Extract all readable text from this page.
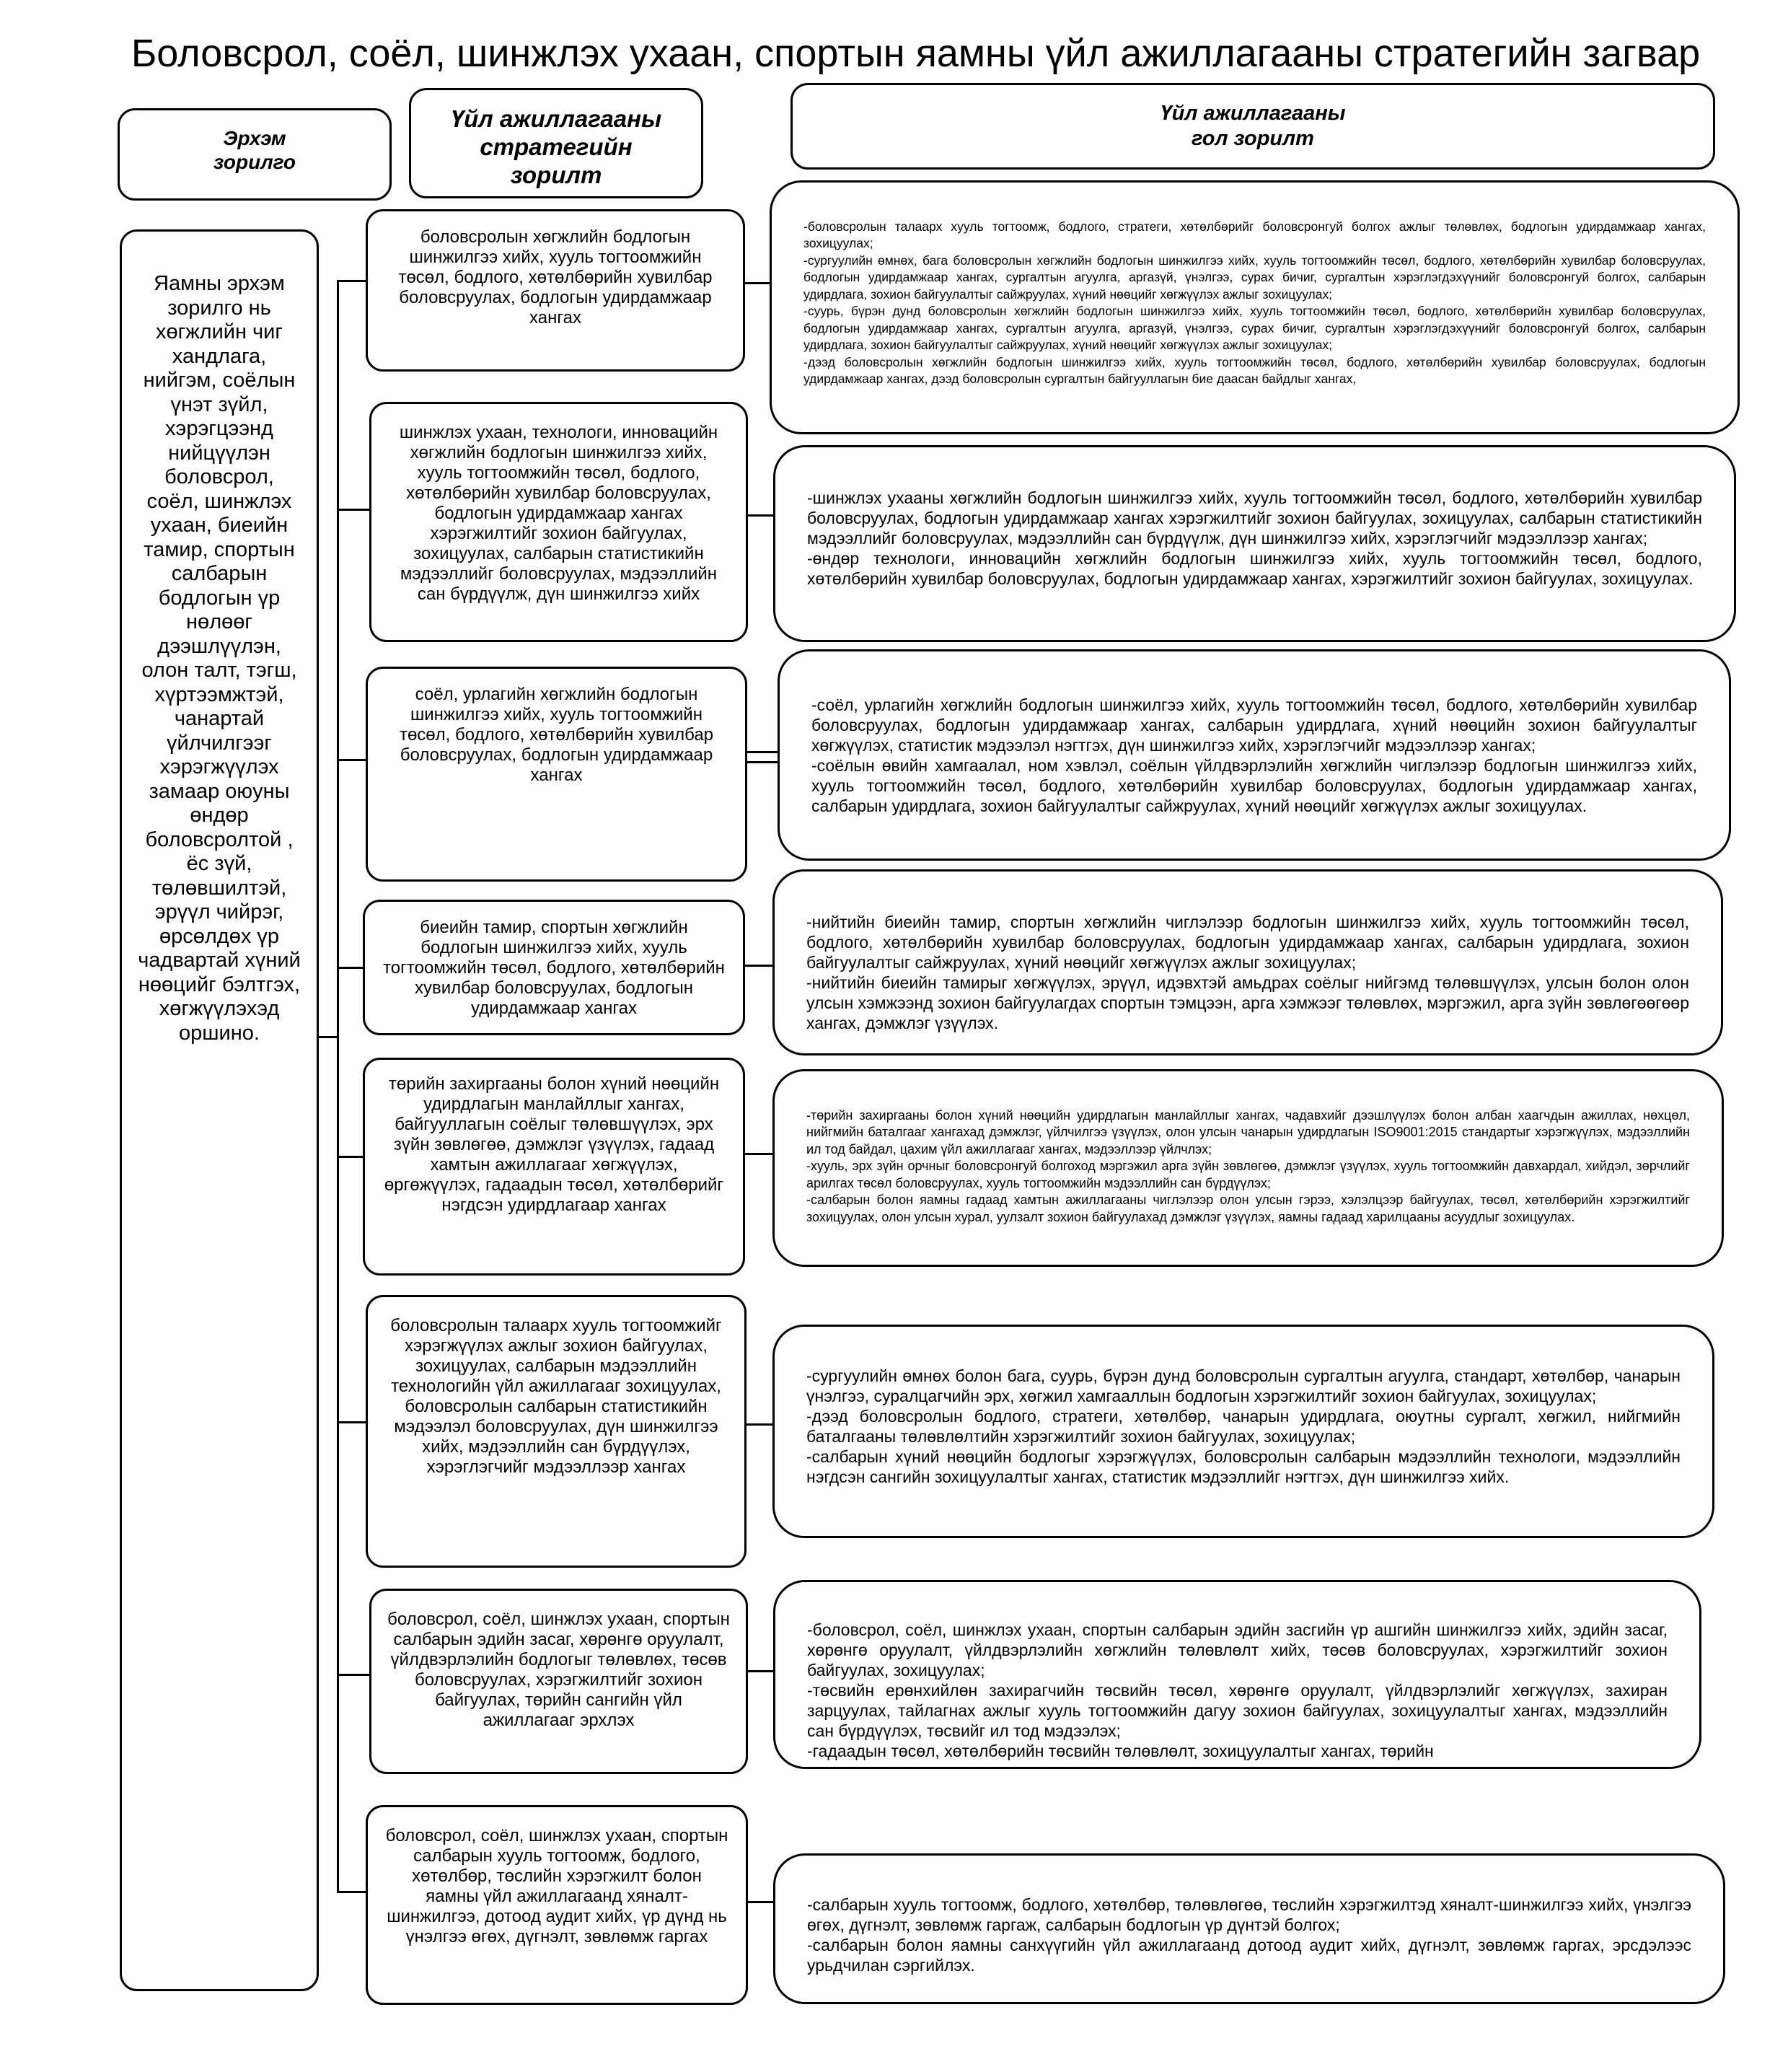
Боловсрол, соёл, шинжлэх ухаан, спортын яамны үйл ажиллагааны стратегийн загвар
Эрхэм
зорилго
Үйл ажиллагааны
стратегийн
зорилт
Үйл ажиллагааны
гол зорилт
Яамны эрхэм зорилго нь хөгжлийн чиг хандлага, нийгэм, соёлын үнэт зүйл, хэрэгцээнд нийцүүлэн боловсрол, соёл, шинжлэх ухаан, биеийн тамир, спортын салбарын бодлогын үр нөлөөг дээшлүүлэн, олон талт, тэгш, хүртээмжтэй, чанартай үйлчилгээг хэрэгжүүлэх замаар оюуны өндөр боловсролтой , ёс зүй, төлөвшилтэй, эрүүл чийрэг, өрсөлдөх үр чадвартай хүний нөөцийг бэлтгэх, хөгжүүлэхэд оршино.
боловсролын хөгжлийн бодлогын шинжилгээ хийх, хууль тогтоомжийн төсөл, бодлого, хөтөлбөрийн хувилбар боловсруулах, бодлогын удирдамжаар хангах

-боловсролын талаарх хууль тогтоомж, бодлого, стратеги, хөтөлбөрийг боловсронгуй болгох ажлыг төлөвлөх, бодлогын удирдамжаар хангах, зохицуулах;
-сургуулийн өмнөх, бага боловсролын хөгжлийн бодлогын шинжилгээ хийх, хууль тогтоомжийн төсөл, бодлого, хөтөлбөрийн хувилбар боловсруулах, бодлогын удирдамжаар хангах, сургалтын агуулга, аргазүй, үнэлгээ, сурах бичиг, сургалтын хэрэглэгдэхүүнийг боловсронгуй болгох, салбарын удирдлага, зохион байгуулалтыг сайжруулах, хүний нөөцийг хөгжүүлэх ажлыг зохицуулах;
-суурь, бүрэн дунд боловсролын хөгжлийн бодлогын шинжилгээ хийх, хууль тогтоомжийн төсөл, бодлого, хөтөлбөрийн хувилбар боловсруулах, бодлогын удирдамжаар хангах, сургалтын агуулга, аргазүй, үнэлгээ, сурах бичиг, сургалтын хэрэглэгдэхүүнийг боловсронгуй болгох, салбарын удирдлага, зохион байгуулалтыг сайжруулах, хүний нөөцийг хөгжүүлэх ажлыг зохицуулах;
-дээд боловсролын хөгжлийн бодлогын шинжилгээ хийх, хууль тогтоомжийн төсөл, бодлого, хөтөлбөрийн хувилбар боловсруулах, бодлогын удирдамжаар хангах, дээд боловсролын сургалтын байгууллагын бие даасан байдлыг хангах,

шинжлэх ухаан, технологи, инновацийн хөгжлийн бодлогын шинжилгээ хийх, хууль тогтоомжийн төсөл, бодлого, хөтөлбөрийн хувилбар боловсруулах, бодлогын удирдамжаар хангаx хэрэгжилтийг зохион байгуулах, зохицуулах, салбарын статистикийн мэдээллийг боловсруулах, мэдээллийн сан бүрдүүлж, дүн шинжилгээ хийх

-шинжлэх ухааны хөгжлийн бодлогын шинжилгээ хийх, хууль тогтоомжийн төсөл, бодлого, хөтөлбөрийн хувилбар боловсруулах, бодлогын удирдамжаар хангаx хэрэгжилтийг зохион байгуулах, зохицуулах, салбарын статистикийн мэдээллийг боловсруулах, мэдээллийн сан бүрдүүлж, дүн шинжилгээ хийх, хэрэглэгчийг мэдээллээр хангах;
-өндөр технологи, инновацийн хөгжлийн бодлогын шинжилгээ хийх, хууль тогтоомжийн төсөл, бодлого, хөтөлбөрийн хувилбар боловсруулах, бодлогын удирдамжаар хангаx, хэрэгжилтийг зохион байгуулах, зохицуулах.

соёл, урлагийн хөгжлийн бодлогын шинжилгээ хийх, хууль тогтоомжийн төсөл, бодлого, хөтөлбөрийн хувилбар боловсруулах, бодлогын удирдамжаар хангах

-соёл, урлагийн хөгжлийн бодлогын шинжилгээ хийх, хууль тогтоомжийн төсөл, бодлого, хөтөлбөрийн хувилбар боловсруулах, бодлогын удирдамжаар хангах, салбарын удирдлага, хүний нөөцийн зохион байгуулалтыг хөгжүүлэх, статистик мэдээлэл нэгтгэх, дүн шинжилгээ хийх, хэрэглэгчийг мэдээллээр хангах;
-соёлын өвийн хамгаалал, ном хэвлэл, соёлын үйлдвэрлэлийн хөгжлийн чиглэлээр бодлогын шинжилгээ хийх, хууль тогтоомжийн төсөл, бодлого, хөтөлбөрийн хувилбар боловсруулах, бодлогын удирдамжаар хангах, салбарын удирдлага, зохион байгуулалтыг сайжруулах, хүний нөөцийг хөгжүүлэх ажлыг зохицуулах.

биеийн тамир, спортын хөгжлийн бодлогын шинжилгээ хийх, хууль тогтоомжийн төсөл, бодлого, хөтөлбөрийн хувилбар боловсруулах, бодлогын удирдамжаар хангах

-нийтийн биеийн тамир, спортын хөгжлийн чиглэлээр бодлогын шинжилгээ хийх, хууль тогтоомжийн төсөл, бодлого, хөтөлбөрийн хувилбар боловсруулах, бодлогын удирдамжаар хангах, салбарын удирдлага, зохион байгуулалтыг сайжруулах, хүний нөөцийг хөгжүүлэх ажлыг зохицуулах;
-нийтийн биеийн тамирыг хөгжүүлэх, эрүүл, идэвхтэй амьдрах соёлыг нийгэмд төлөвшүүлэх, улсын болон олон улсын хэмжээнд зохион байгуулагдах спортын тэмцээн, арга хэмжээг төлөвлөх, мэргэжил, арга зүйн зөвлөгөөгөөр хангах, дэмжлэг үзүүлэх.

төрийн захиргааны болон хүний нөөцийн удирдлагын манлайллыг хангах, байгууллагын соёлыг төлөвшүүлэх, эрх зүйн зөвлөгөө, дэмжлэг үзүүлэх, гадаад хамтын ажиллагааг хөгжүүлэх, өргөжүүлэх, гадаадын төсөл, хөтөлбөрийг нэгдсэн удирдлагаар хангах

-төрийн захиргааны болон хүний нөөцийн удирдлагын манлайллыг хангах, чадавхийг дээшлүүлэх болон албан хаагчдын ажиллах, нөхцөл, нийгмийн баталгааг хангахад дэмжлэг, үйлчилгээ үзүүлэх, олон улсын чанарын удирдлагын ISO9001:2015 стандартыг хэрэгжүүлэх, мэдээллийн ил тод байдал, цахим үйл ажиллагааг хангах, мэдээллээр үйлчлэх;
-хууль, эрх зүйн орчныг боловсронгуй болгоход мэргэжил арга зүйн зөвлөгөө, дэмжлэг үзүүлэх, хууль тогтоомжийн давхардал, хийдэл, зөрчлийг арилгах төсөл боловсруулах, хууль тогтоомжийн мэдээллийн сан бүрдүүлэх;
-салбарын болон яамны гадаад хамтын ажиллагааны чиглэлээр олон улсын гэрээ, хэлэлцээр байгуулах, төсөл, хөтөлбөрийн хэрэгжилтийг зохицуулах, олон улсын хурал, уулзалт зохион байгуулахад дэмжлэг үзүүлэх, яамны гадаад харилцааны асуудлыг зохицуулах.

боловсролын талаарх хууль тогтоомжийг хэрэгжүүлэх ажлыг зохион байгуулах, зохицуулах, салбарын мэдээллийн технологийн үйл ажиллагааг зохицуулах, боловсролын салбарын статистикийн мэдээлэл боловсруулах, дүн шинжилгээ хийх, мэдээллийн сан бүрдүүлэх, хэрэглэгчийг мэдээллээр хангах

-сургуулийн өмнөх болон бага, суурь, бүрэн дунд боловсролын сургалтын агуулга, стандарт, хөтөлбөр, чанарын үнэлгээ, суралцагчийн эрх, хөгжил хамгааллын бодлогын хэрэгжилтийг зохион байгуулах, зохицуулах;
-дээд боловсролын бодлого, стратеги, хөтөлбөр, чанарын удирдлага, оюутны сургалт, хөгжил, нийгмийн баталгааны төлөвлөлтийн хэрэгжилтийг зохион байгуулах, зохицуулах;
-салбарын хүний нөөцийн бодлогыг хэрэгжүүлэх, боловсролын салбарын мэдээллийн технологи, мэдээллийн нэгдсэн сангийн зохицуулалтыг хангах, статистик мэдээллийг нэгтгэх, дүн шинжилгээ хийх.

боловсрол, соёл, шинжлэх ухаан, спортын салбарын эдийн засаг, хөрөнгө оруулалт, үйлдвэрлэлийн бодлогыг төлөвлөх, төсөв боловсруулах, хэрэгжилтийг зохион байгуулах, төрийн сангийн үйл ажиллагааг эрхлэх

-боловсрол, соёл, шинжлэх ухаан, спортын салбарын эдийн засгийн үр ашгийн шинжилгээ хийх, эдийн засаг, хөрөнгө оруулалт, үйлдвэрлэлийн хөгжлийн төлөвлөлт хийх, төсөв боловсруулах, хэрэгжилтийг зохион байгуулах, зохицуулах;
-төсвийн ерөнхийлөн захирагчийн төсвийн төсөл, хөрөнгө оруулалт, үйлдвэрлэлийг хөгжүүлэх, захиран зарцуулах, тайлагнах ажлыг хууль тогтоомжийн дагуу зохион байгуулах, зохицуулалтыг хангах, мэдээллийн сан бүрдүүлэх, төсвийг ил тод мэдээлэх;
-гадаадын төсөл, хөтөлбөрийн төсвийн төлөвлөлт, зохицуулалтыг хангах, төрийн

боловсрол, соёл, шинжлэх ухаан, спортын салбарын хууль тогтоомж, бодлого, хөтөлбөр, төслийн хэрэгжилт болон яамны үйл ажиллагаанд хяналт-шинжилгээ, дотоод аудит хийх, үр дүнд нь үнэлгээ өгөх, дүгнэлт, зөвлөмж гаргах

-салбарын хууль тогтоомж, бодлого, хөтөлбөр, төлөвлөгөө, төслийн хэрэгжилтэд хяналт-шинжилгээ хийх, үнэлгээ өгөх, дүгнэлт, зөвлөмж гаргаж, салбарын бодлогын үр дүнтэй болгох;
-салбарын болон яамны санхүүгийн үйл ажиллагаанд дотоод аудит хийх, дүгнэлт, зөвлөмж гаргах, эрсдэлээс урьдчилан сэргийлэх.
